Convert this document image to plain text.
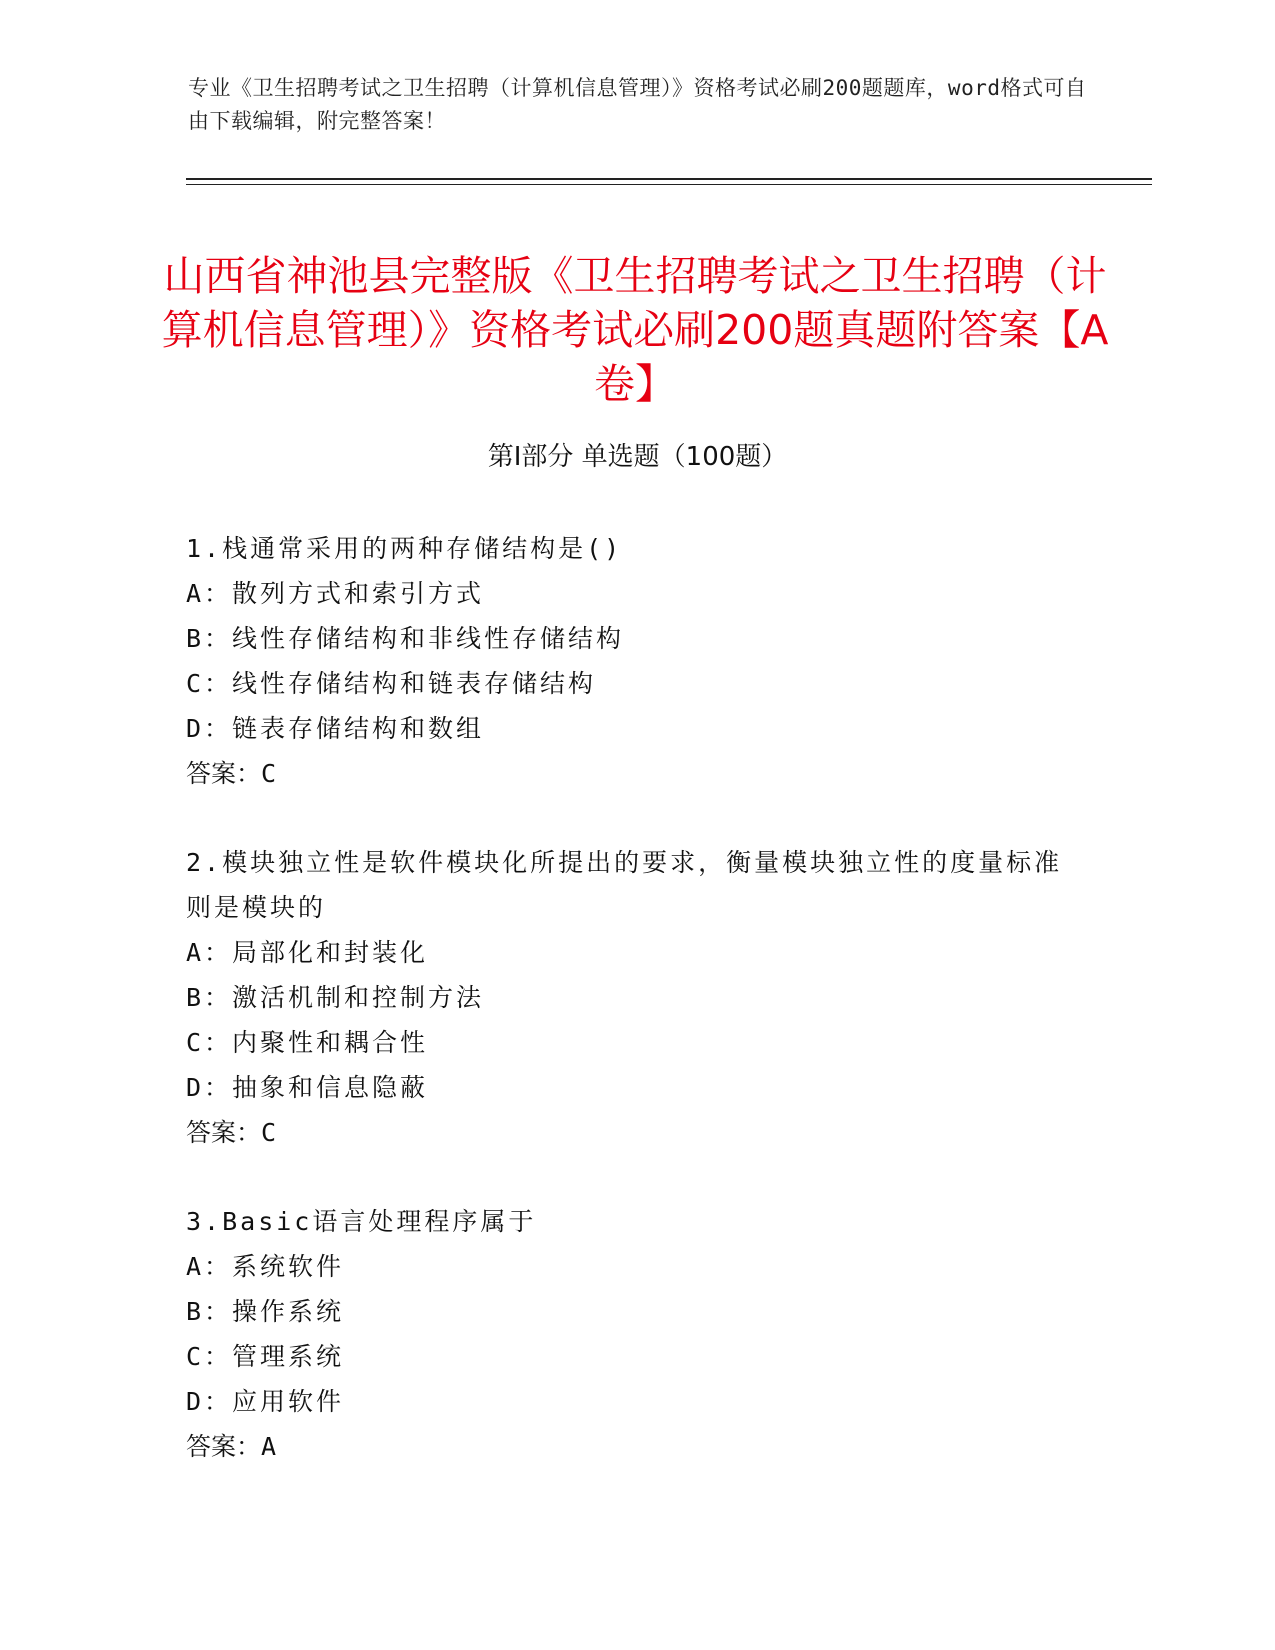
专业《卫生招聘考试之卫生招聘（计算机信息管理）》资格考试必刷200题题库，word格式可自由下载编辑，附完整答案！
山西省神池县完整版《卫生招聘考试之卫生招聘（计算机信息管理）》资格考试必刷200题真题附答案【A卷】
第I部分 单选题（100题）
1.栈通常采用的两种存储结构是()
A：散列方式和索引方式
B：线性存储结构和非线性存储结构
C：线性存储结构和链表存储结构
D：链表存储结构和数组
答案：C
2.模块独立性是软件模块化所提出的要求，衡量模块独立性的度量标准则是模块的
A：局部化和封装化
B：激活机制和控制方法
C：内聚性和耦合性
D：抽象和信息隐蔽
答案：C
3.Basic语言处理程序属于
A：系统软件
B：操作系统
C：管理系统
D：应用软件
答案：A
